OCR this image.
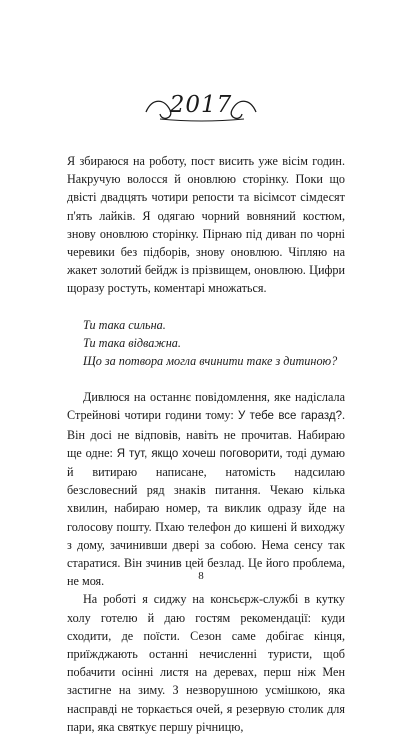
2017

Я збираюся на роботу, пост висить уже вісім годин. Накручую волосся й оновлюю сторінку. Поки що двісті двадцять чотири репости та вісімсот сімдесят п'ять лайків. Я одягаю чорний вовняний костюм, знову оновлюю сторінку. Пірнаю під диван по чорні черевики без підборів, знову оновлюю. Чіпляю на жакет золотий бейдж із прізвищем, оновлюю. Цифри щоразу ростуть, коментарі множаться.

Ти така сильна.
Ти така відважна.
Що за потвора могла вчинити таке з дитиною?

Дивлюся на останнє повідомлення, яке надіслала Стрейнові чотири години тому: У тебе все гаразд?. Він досі не відповів, навіть не прочитав. Набираю ще одне: Я тут, якщо хочеш поговорити, тоді думаю й витираю написане, натомість надсилаю безсловесний ряд знаків питання. Чекаю кілька хвилин, набираю номер, та виклик одразу йде на голосову пошту. Пхаю телефон до кишені й виходжу з дому, зачинивши двері за собою. Нема сенсу так старатися. Він зчинив цей безлад. Це його проблема, не моя.

На роботі я сиджу на консьєрж-службі в кутку холу готелю й даю гостям рекомендації: куди сходити, де поїсти. Сезон саме добігає кінця, приїжджають останні нечисленні туристи, щоб побачити осінні листя на деревах, перш ніж Мен застигне на зиму. З незворушною усмішкою, яка насправді не торкається очей, я резервую столик для пари, яка святкує першу річницю,

8
